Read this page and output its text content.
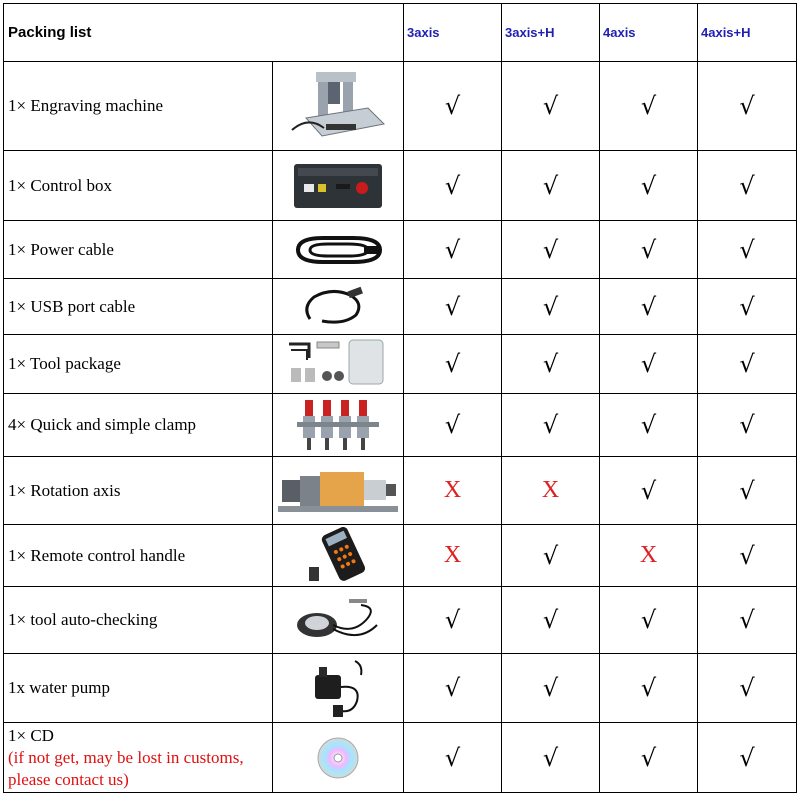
Packing list		3axis	3axis+H	4axis	4axis+H

1× Engraving machine		√	√	√	√

1× Control box		√	√	√	√

1× Power cable		√	√	√	√

1× USB port cable		√	√	√	√

1× Tool package		√	√	√	√

4× Quick and simple clamp		√	√	√	√

1× Rotation axis		X	X	√	√

1× Remote control handle		X	√	X	√

1× tool auto-checking		√	√	√	√

1x water pump		√	√	√	√

1× CD
(if not get, may be lost in customs, please contact us)		√	√	√	√
